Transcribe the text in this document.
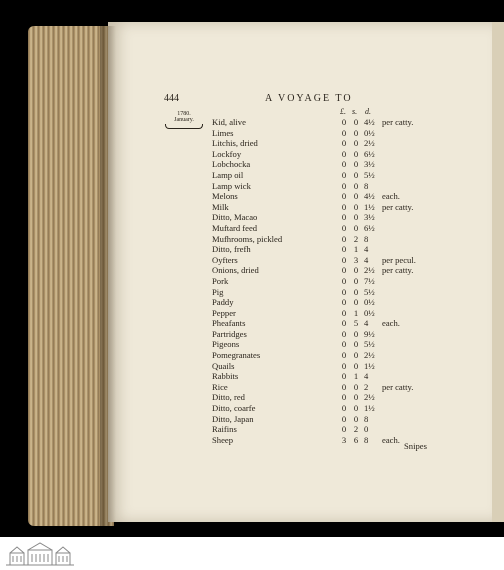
444	A VOYAGE TO
1780.
January.
£. s. d.
Kid, alive	0 0 4½ per catty.
Limes	0 0 0½
Litchis, dried	0 0 2½
Lockfoy	0 0 6½
Lobchocka	0 0 3½
Lamp oil	0 0 5½
Lamp wick	0 0 8
Melons	0 0 4½ each.
Milk	0 0 1½ per catty.
Ditto, Macao	0 0 3½
Muftard feed	0 0 6½
Mufhrooms, pickled	0 2 8
Ditto, frefh	0 1 4
Oyfters	0 3 4	per pecul.
Onions, dried	0 0 2½ per catty.
Pork	0 0 7½
Pig	0 0 5½
Paddy	0 0 0½
Pepper	0 1 0½
Pheafants	0 5 4	each.
Partridges	0 0 9½
Pigeons	0 0 5½
Pomegranates	0 0 2½
Quails	0 0 1½
Rabbits	0 1 4
Rice	0 0 2	per catty.
Ditto, red	0 0 2½
Ditto, coarfe	0 0 1½
Ditto, Japan	0 0 8
Raifins	0 2 0
Sheep	3 6 8	each.
Snipes
